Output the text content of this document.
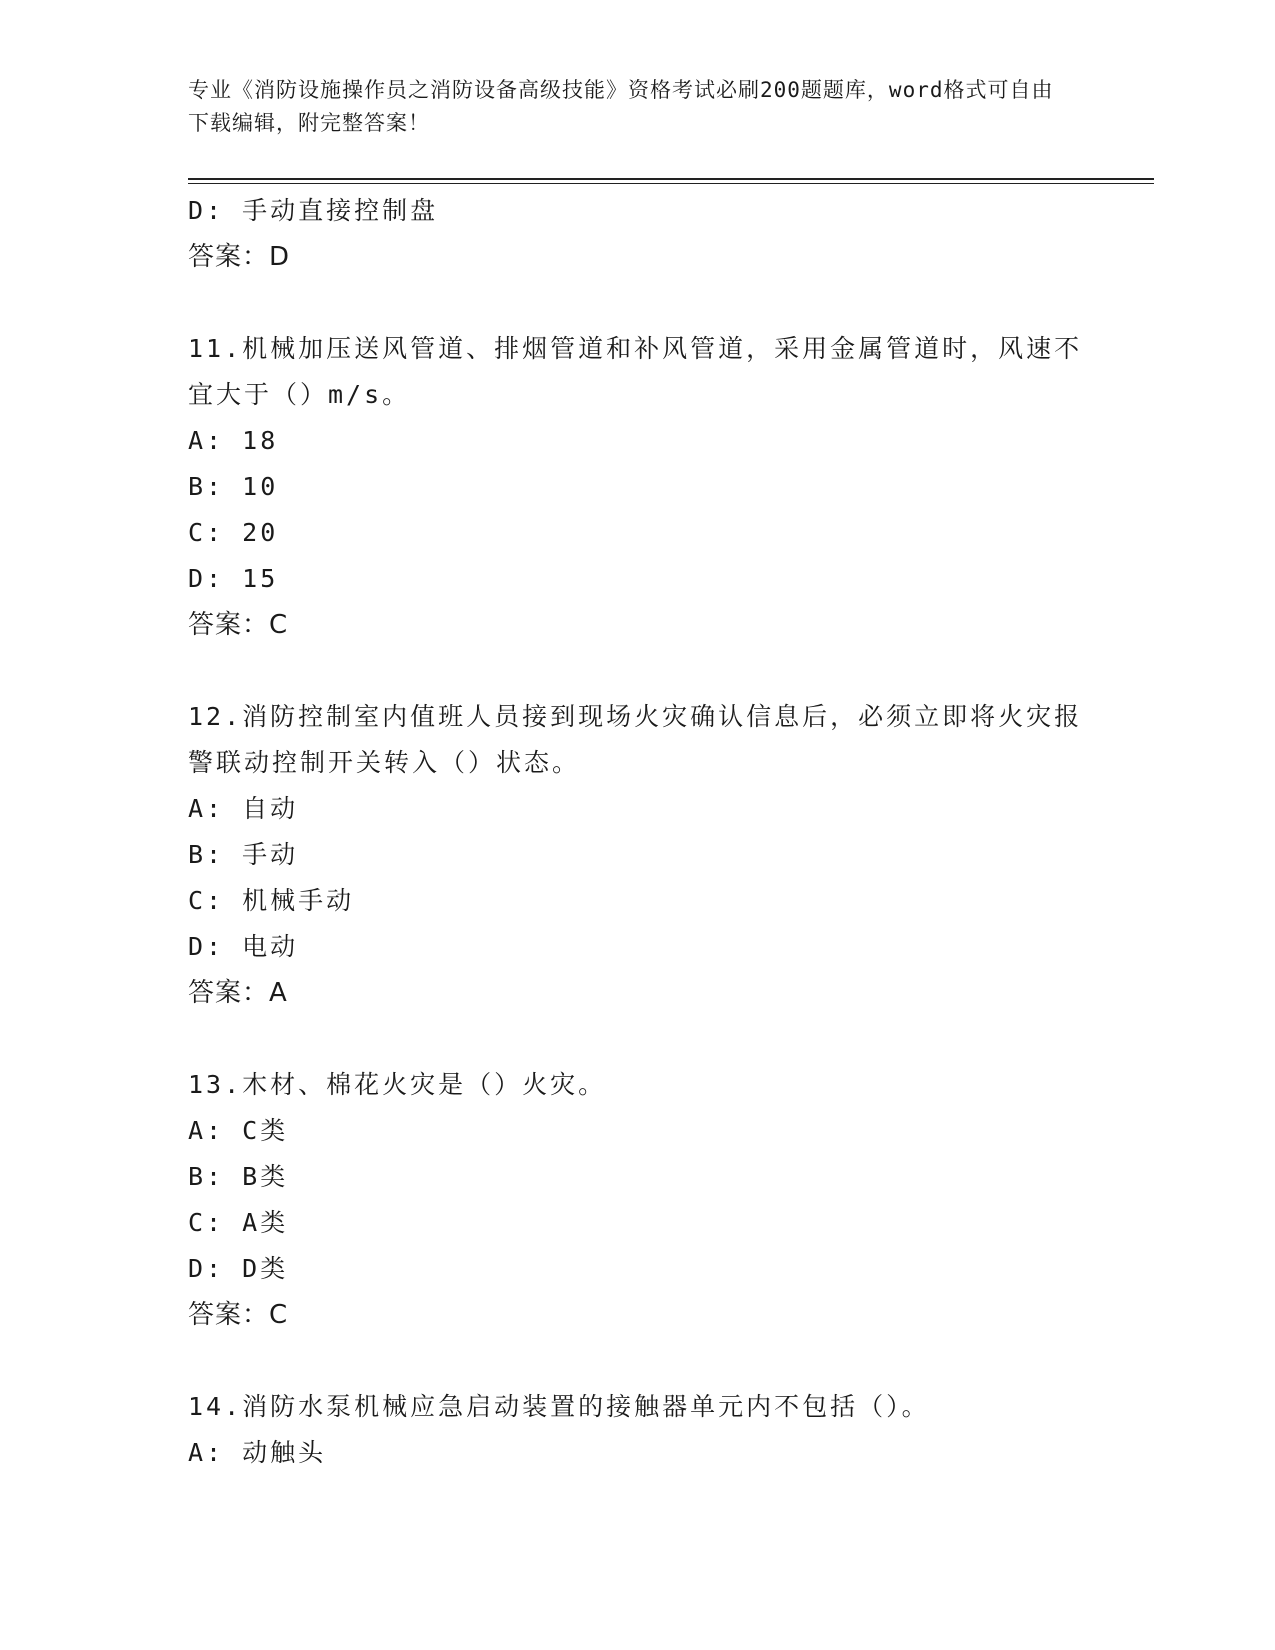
专业《消防设施操作员之消防设备高级技能》资格考试必刷200题题库，word格式可自由下载编辑，附完整答案！
D: 手动直接控制盘
答案：D
11.机械加压送风管道、排烟管道和补风管道，采用金属管道时，风速不宜大于（）m/s。
A: 18
B: 10
C: 20
D: 15
答案：C
12.消防控制室内值班人员接到现场火灾确认信息后，必须立即将火灾报警联动控制开关转入（）状态。
A: 自动
B: 手动
C: 机械手动
D: 电动
答案：A
13.木材、棉花火灾是（）火灾。
A: C类
B: B类
C: A类
D: D类
答案：C
14.消防水泵机械应急启动装置的接触器单元内不包括（）。
A: 动触头
